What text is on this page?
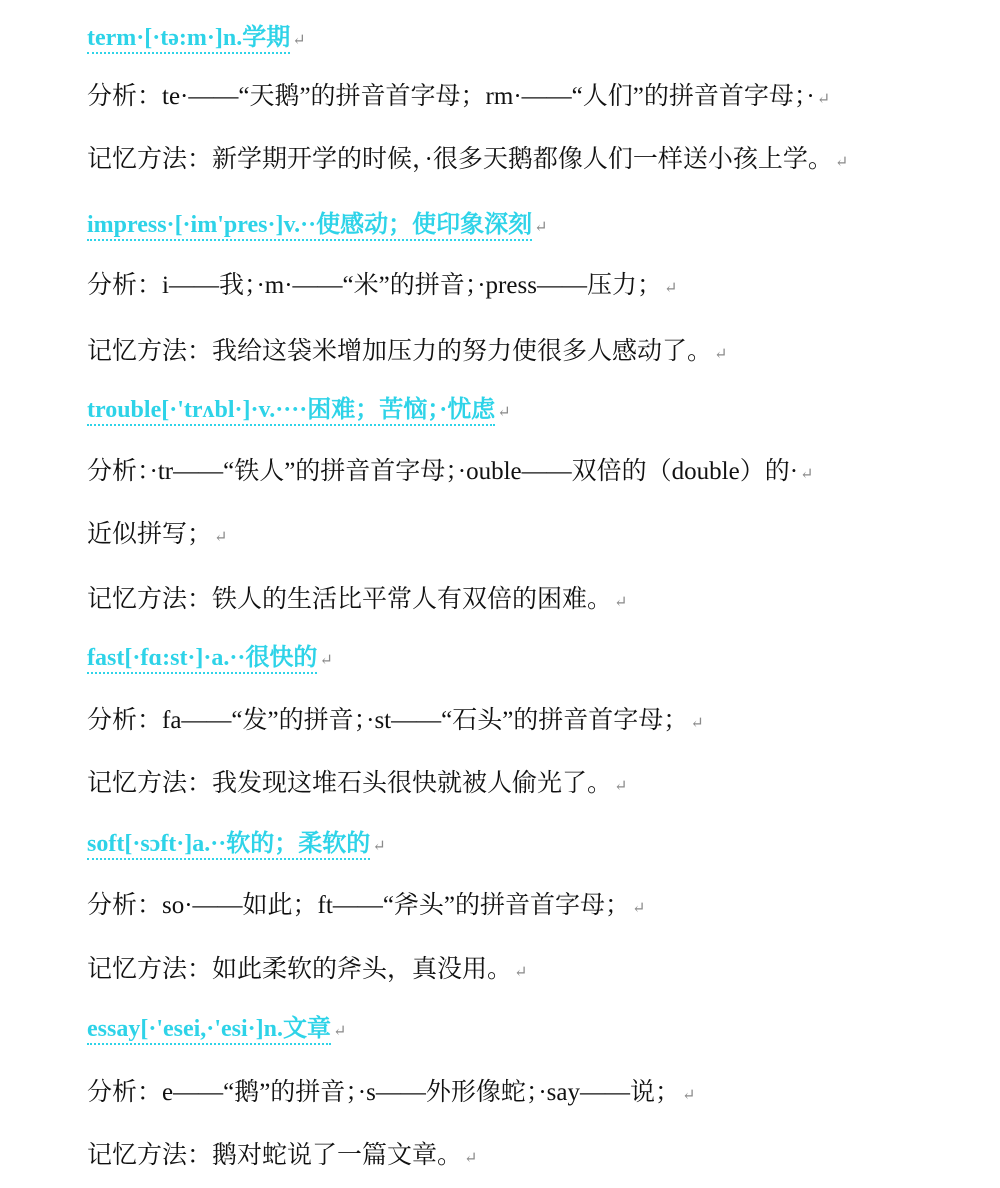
term·[·tə:m·]n.学期 ↵
分析：te·——“天鹅”的拼音首字母；rm·——“人们”的拼音首字母；· ↵
记忆方法：新学期开学的时候，·很多天鹅都像人们一样送小孩上学。 ↵
impress·[·im'pres·]v.··使感动；使印象深刻 ↵
分析：i——我；·m·——“米”的拼音；·press——压力； ↵
记忆方法：我给这袋米增加压力的努力使很多人感动了。 ↵
trouble[·'trʌbl·]·v.····困难；苦恼；·忧虑 ↵
分析：·tr——“铁人”的拼音首字母；·ouble——双倍的（double）的· ↵
近似拼写； ↵
记忆方法：铁人的生活比平常人有双倍的困难。 ↵
fast[·fɑ:st·]·a.··很快的 ↵
分析：fa——“发”的拼音；·st——“石头”的拼音首字母； ↵
记忆方法：我发现这堆石头很快就被人偷光了。 ↵
soft[·sɔft·]a.··软的；柔软的 ↵
分析：so·——如此；ft——“斧头”的拼音首字母； ↵
记忆方法：如此柔软的斧头，真没用。 ↵
essay[·'esei,·'esi·]n.文章 ↵
分析：e——“鹅”的拼音；·s——外形像蛇；·say——说； ↵
记忆方法：鹅对蛇说了一篇文章。 ↵
